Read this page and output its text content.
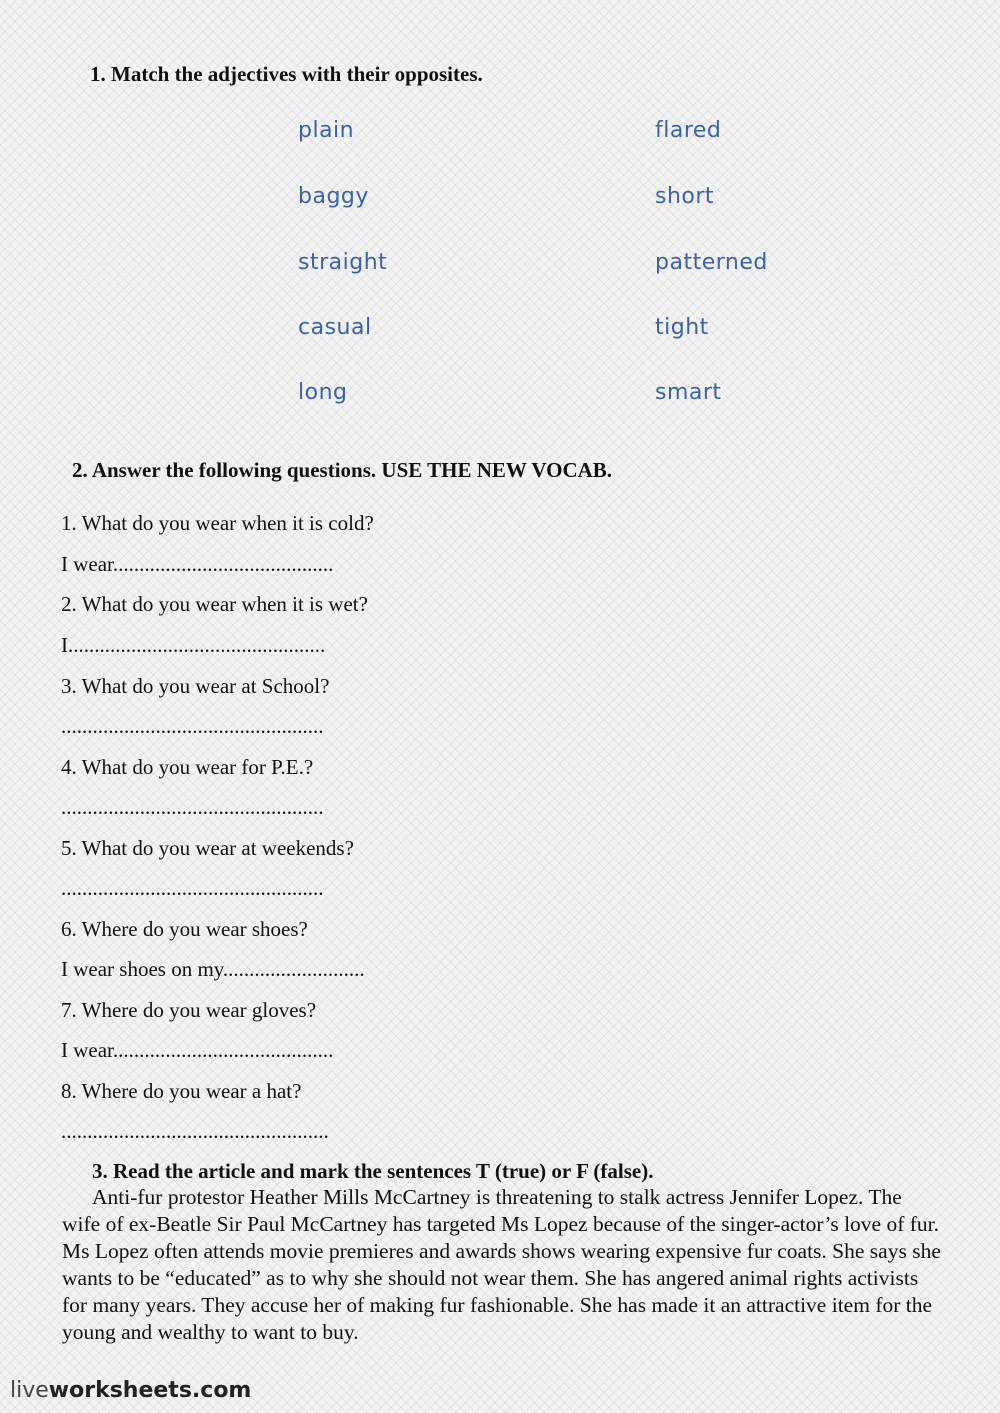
1. Match the adjectives with their opposites.
plain
baggy
straight
casual
long
flared
short
patterned
tight
smart
2. Answer the following questions. USE THE NEW VOCAB.
1. What do you wear when it is cold?
I wear..........................................
2. What do you wear when it is wet?
I.................................................
3. What do you wear at School?
..................................................
4. What do you wear for P.E.?
..................................................
5. What do you wear at weekends?
..................................................
6. Where do you wear shoes?
I wear shoes on my...........................
7. Where do you wear gloves?
I wear..........................................
8. Where do you wear a hat?
...................................................
3. Read the article and mark the sentences T (true) or F (false).
Anti-fur protestor Heather Mills McCartney is threatening to stalk actress Jennifer Lopez. The wife of ex-Beatle Sir Paul McCartney has targeted Ms Lopez because of the singer-actor’s love of fur. Ms Lopez often attends movie premieres and awards shows wearing expensive fur coats. She says she wants to be “educated” as to why she should not wear them. She has angered animal rights activists for many years. They accuse her of making fur fashionable. She has made it an attractive item for the young and wealthy to want to buy.
liveworksheets.com
